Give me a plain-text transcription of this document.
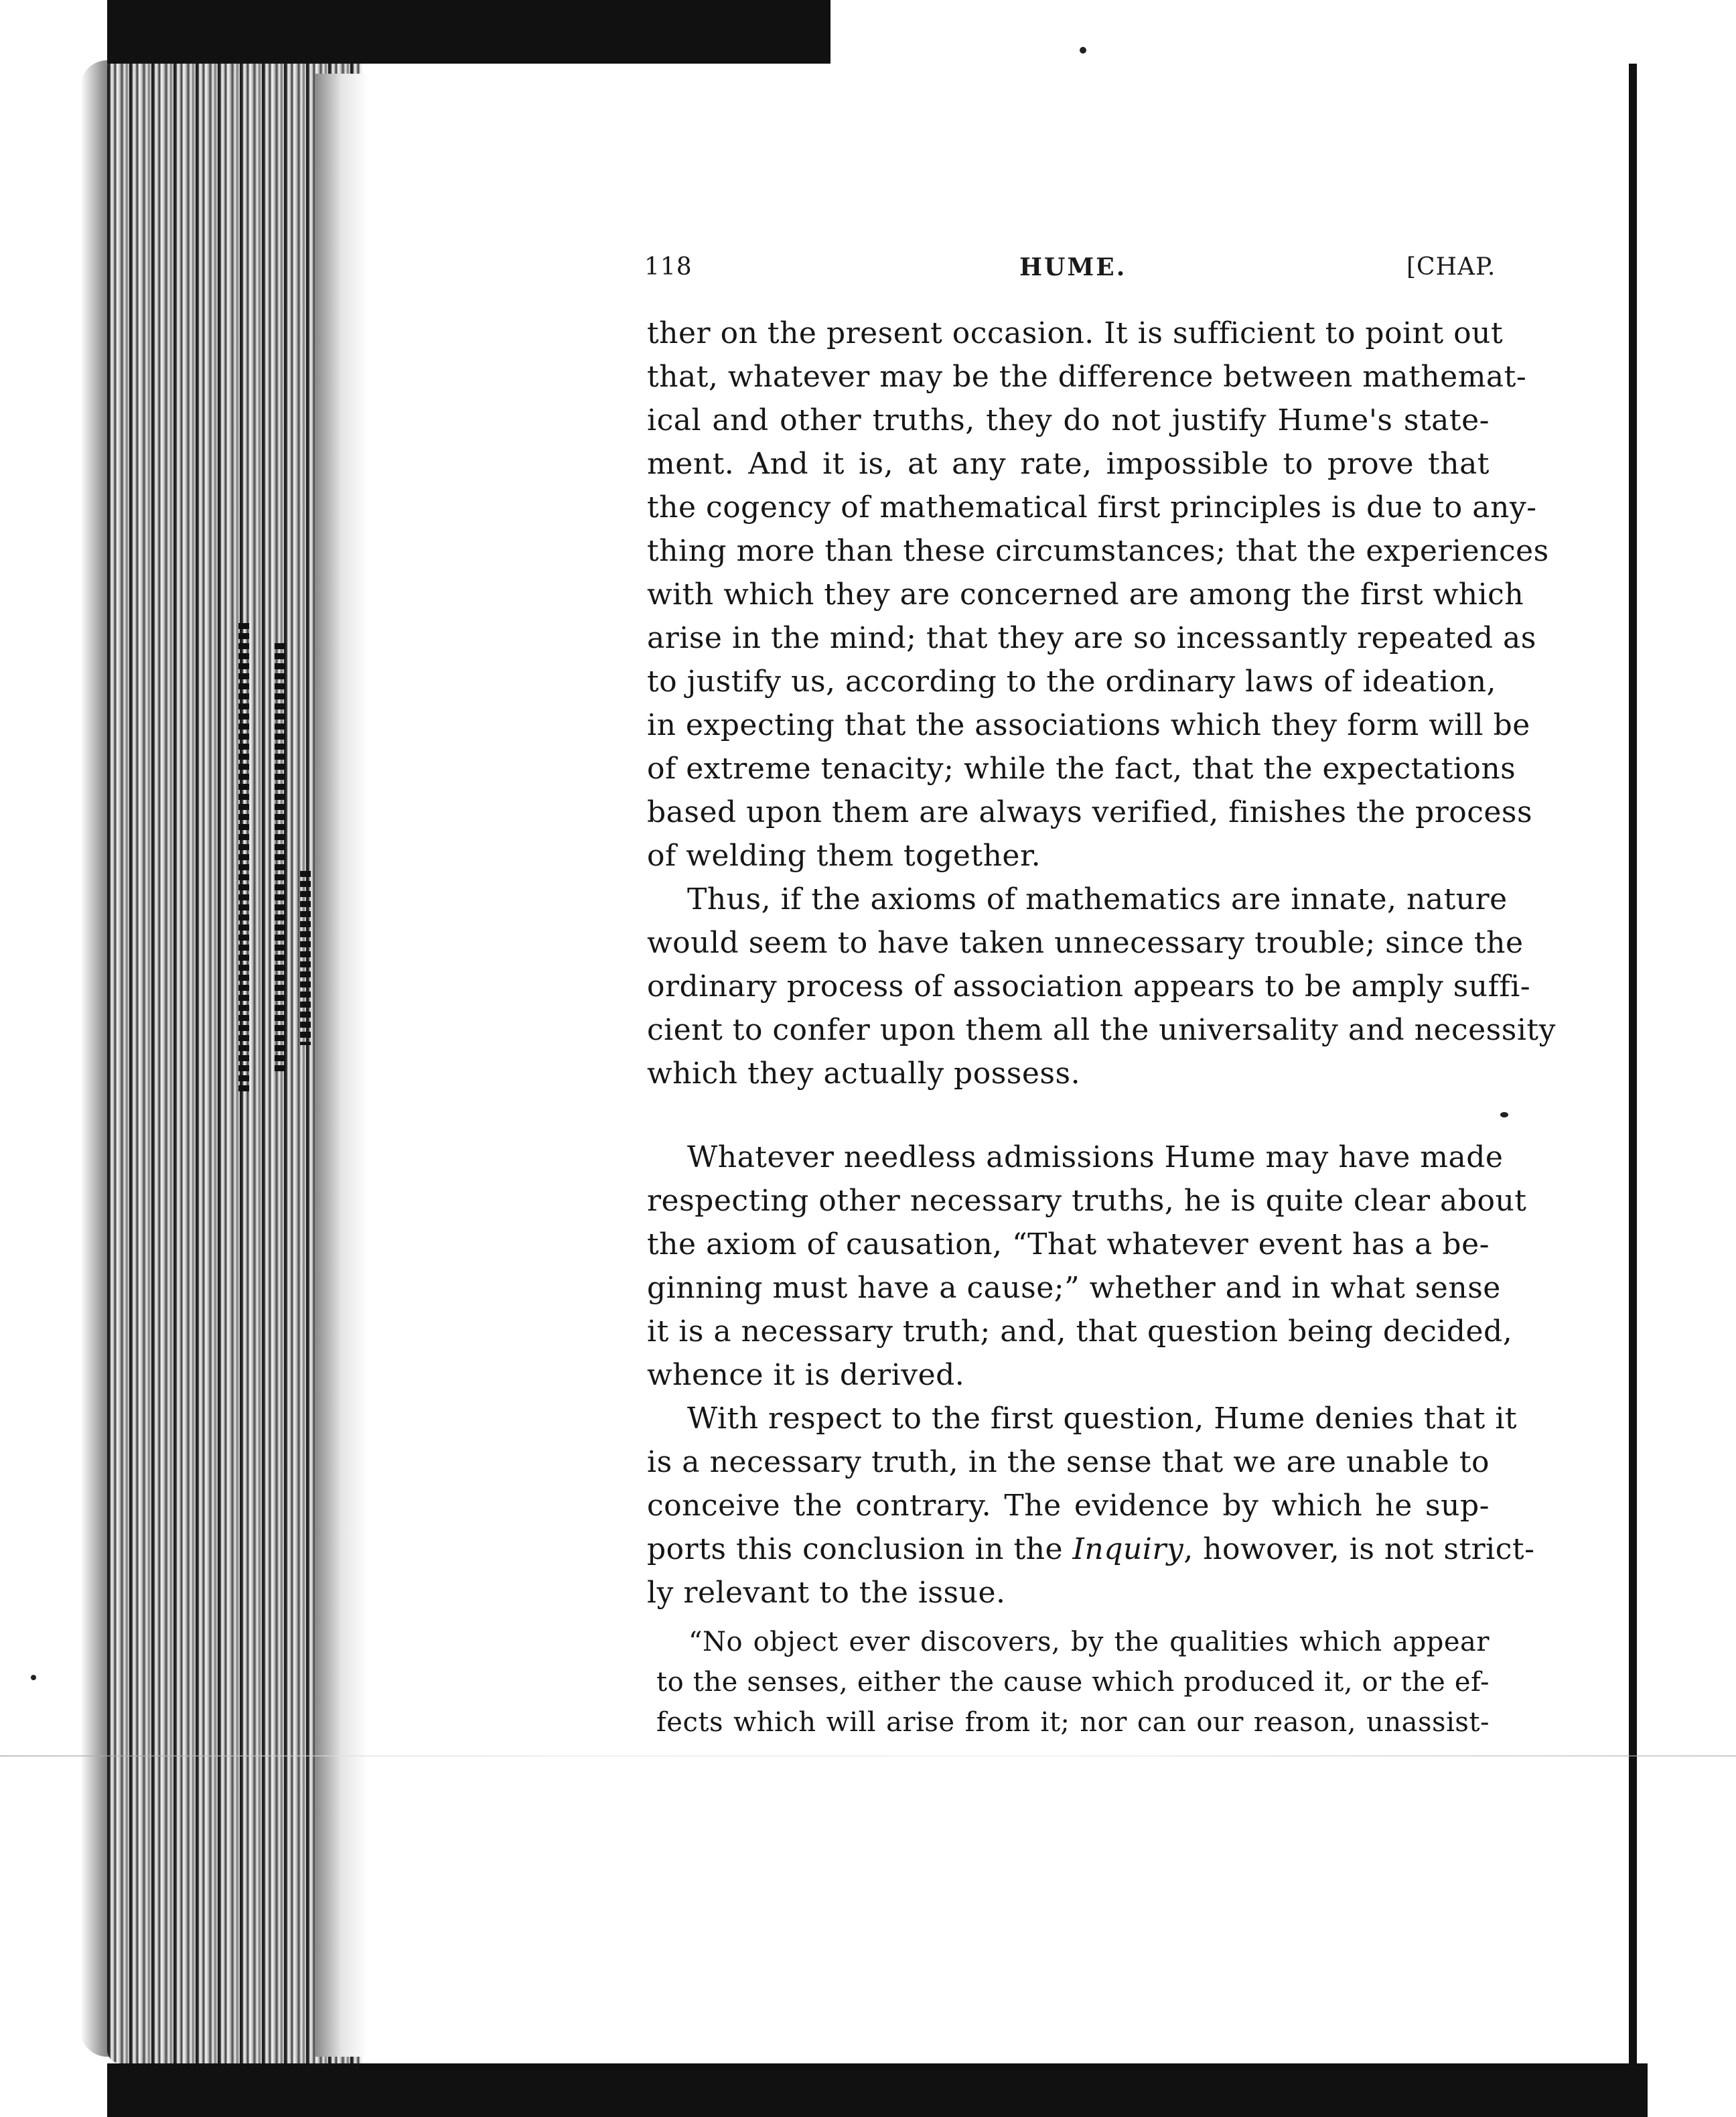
118	HUME.	[CHAP.
ther on the present occasion. It is sufficient to point out
that, whatever may be the difference between mathemat-
ical and other truths, they do not justify Hume's state-
ment. And it is, at any rate, impossible to prove that
the cogency of mathematical first principles is due to any-
thing more than these circumstances; that the experiences
with which they are concerned are among the first which
arise in the mind; that they are so incessantly repeated as
to justify us, according to the ordinary laws of ideation,
in expecting that the associations which they form will be
of extreme tenacity; while the fact, that the expectations
based upon them are always verified, finishes the process
of welding them together.
Thus, if the axioms of mathematics are innate, nature
would seem to have taken unnecessary trouble; since the
ordinary process of association appears to be amply suffi-
cient to confer upon them all the universality and necessity
which they actually possess.
Whatever needless admissions Hume may have made
respecting other necessary truths, he is quite clear about
the axiom of causation, “That whatever event has a be-
ginning must have a cause;” whether and in what sense
it is a necessary truth; and, that question being decided,
whence it is derived.
With respect to the first question, Hume denies that it
is a necessary truth, in the sense that we are unable to
conceive the contrary. The evidence by which he sup-
ports this conclusion in the Inquiry, howover, is not strict-
ly relevant to the issue.
“No object ever discovers, by the qualities which appear
to the senses, either the cause which produced it, or the ef-
fects which will arise from it; nor can our reason, unassist-
